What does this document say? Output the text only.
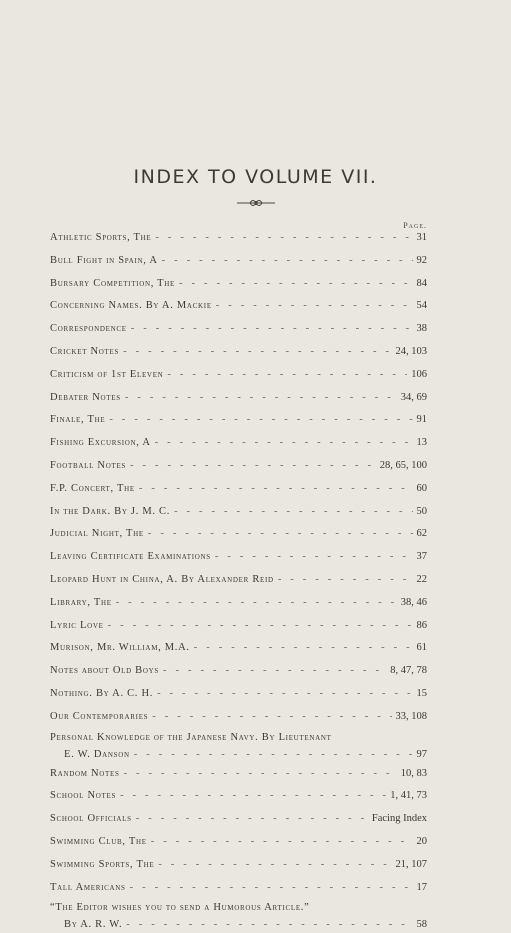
INDEX TO VOLUME VII.
Page.
Athletic Sports, The -----	31
Bull Fight in Spain, A -----	92
Bursary Competition, The -----	84
Concerning Names. By A. Mackie -----	54
Correspondence -----	38
Cricket Notes -----	24, 103
Criticism of 1st Eleven -----	106
Debater Notes -----	34, 69
Finale, The -----	91
Fishing Excursion, A -----	13
Football Notes -----	28, 65, 100
F.P. Concert, The -----	60
In the Dark. By J. M. C. -----	50
Judicial Night, The -----	62
Leaving Certificate Examinations -----	37
Leopard Hunt in China, A. By Alexander Reid -----	22
Library, The -----	38, 46
Lyric Love -----	86
Murison, Mr. William, M.A. -----	61
Notes about Old Boys -----	8, 47, 78
Nothing. By A. C. H. -----	15
Our Contemporaries -----	33, 108
Personal Knowledge of the Japanese Navy. By Lieutenant
E. W. Danson -----	97
Random Notes -----	10, 83
School Notes -----	1, 41, 73
School Officials -----	Facing Index
Swimming Club, The -----	20
Swimming Sports, The -----	21, 107
Tall Americans -----	17
“The Editor wishes you to send a Humorous Article.”
By A. R. W. -----	58
